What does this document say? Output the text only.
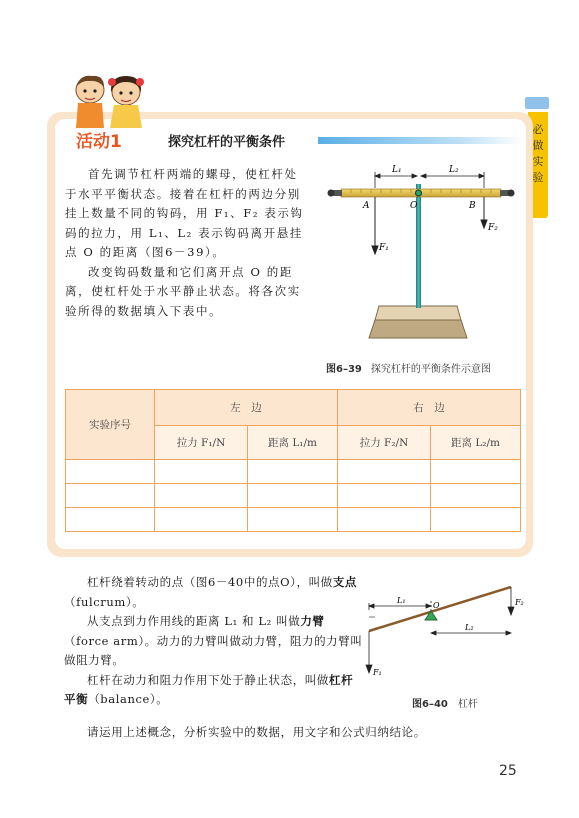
必做实验
活动1	探究杠杆的平衡条件

首先调节杠杆两端的螺母，使杠杆处于水平平衡状态。接着在杠杆的两边分别挂上数量不同的钩码，用 F₁、F₂ 表示钩码的拉力，用 L₁、L₂ 表示钩码离开悬挂点 O 的距离（图6－39）。

改变钩码数量和它们离开点 O 的距离，使杠杆处于水平静止状态。将各次实验所得的数据填入下表中。

L₁	L₂
A	O	B
F₁
F₂
图6–39 探究杠杆的平衡条件示意图
实验序号	左　边		右　边	
	拉力 F₁/N	距离 L₁/m	拉力 F₂/N	距离 L₂/m

杠杆绕着转动的点（图6－40中的点O），叫做支点（fulcrum）。

从支点到力作用线的距离 L₁ 和 L₂ 叫做力臂（force arm）。动力的力臂叫做动力臂，阻力的力臂叫做阻力臂。

杠杆在动力和阻力作用下处于静止状态，叫做杠杆平衡（balance）。

请运用上述概念，分析实验中的数据，用文字和公式归纳结论。

L₁
L₂
O
F₁
F₂
图6–40 杠杆
25
